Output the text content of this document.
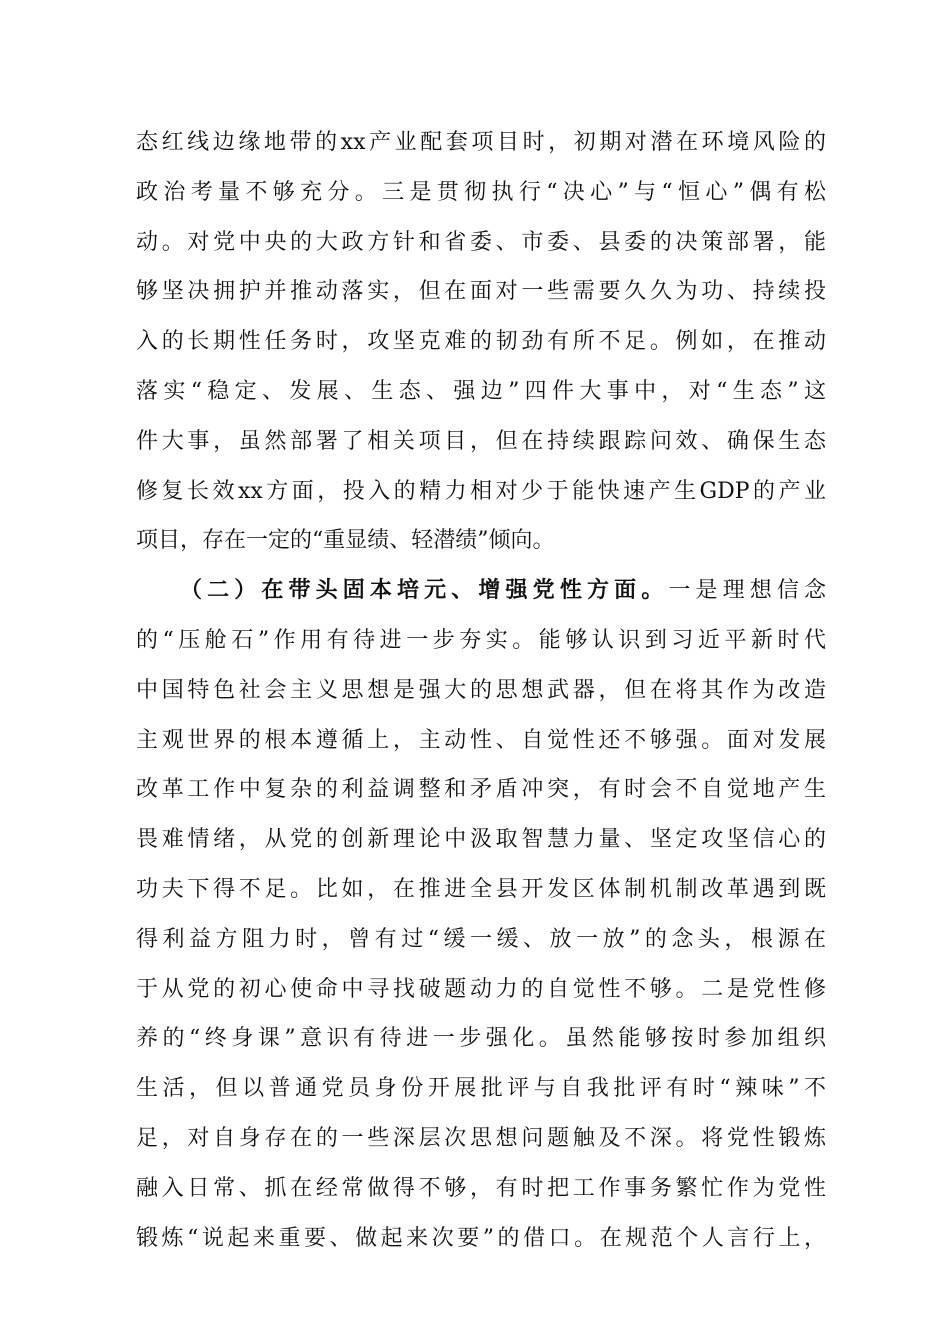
态红线边缘地带的xx产业配套项目时，初期对潜在环境风险的
政治考量不够充分。三是贯彻执行“决心”与“恒心”偶有松
动。对党中央的大政方针和省委、市委、县委的决策部署，能
够坚决拥护并推动落实，但在面对一些需要久久为功、持续投
入的长期性任务时，攻坚克难的韧劲有所不足。例如，在推动
落实“稳定、发展、生态、强边”四件大事中，对“生态”这
件大事，虽然部署了相关项目，但在持续跟踪问效、确保生态
修复长效xx方面，投入的精力相对少于能快速产生GDP的产业
项目，存在一定的“重显绩、轻潜绩”倾向。
（二）在带头固本培元、增强党性方面。一是理想信念
的“压舱石”作用有待进一步夯实。能够认识到习近平新时代
中国特色社会主义思想是强大的思想武器，但在将其作为改造
主观世界的根本遵循上，主动性、自觉性还不够强。面对发展
改革工作中复杂的利益调整和矛盾冲突，有时会不自觉地产生
畏难情绪，从党的创新理论中汲取智慧力量、坚定攻坚信心的
功夫下得不足。比如，在推进全县开发区体制机制改革遇到既
得利益方阻力时，曾有过“缓一缓、放一放”的念头，根源在
于从党的初心使命中寻找破题动力的自觉性不够。二是党性修
养的“终身课”意识有待进一步强化。虽然能够按时参加组织
生活，但以普通党员身份开展批评与自我批评有时“辣味”不
足，对自身存在的一些深层次思想问题触及不深。将党性锻炼
融入日常、抓在经常做得不够，有时把工作事务繁忙作为党性
锻炼“说起来重要、做起来次要”的借口。在规范个人言行上，
